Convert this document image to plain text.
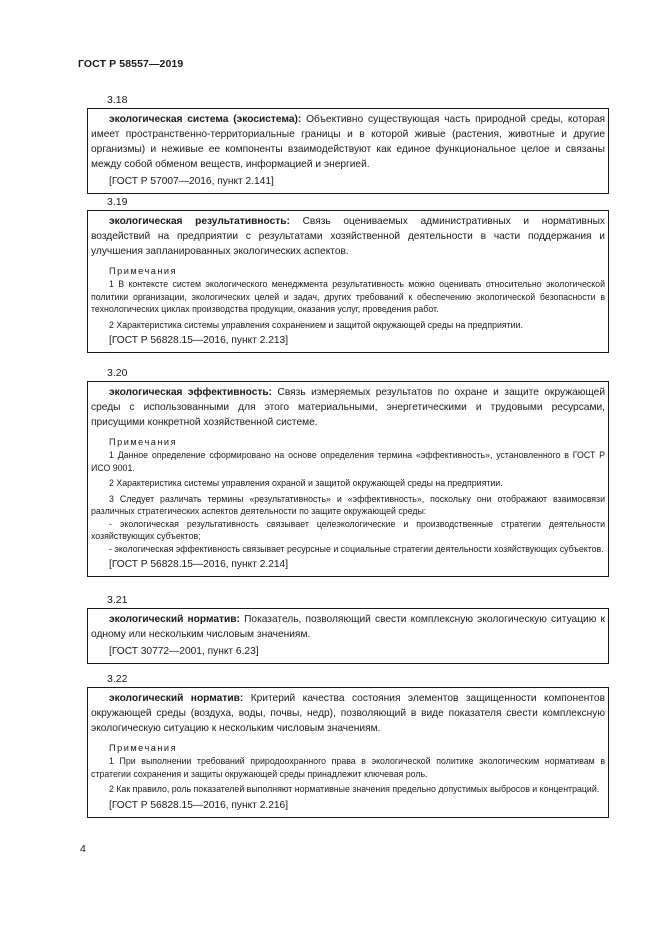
ГОСТ Р 58557—2019
3.18

экологическая система (экосистема): Объективно существующая часть природной среды, которая имеет пространственно-территориальные границы и в которой живые (растения, животные и другие организмы) и неживые ее компоненты взаимодействуют как единое функциональное целое и связаны между собой обменом веществ, информацией и энергией.

[ГОСТ Р 57007—2016, пункт 2.141]

3.19

экологическая результативность: Связь оцениваемых административных и нормативных воздействий на предприятии с результатами хозяйственной деятельности в части поддержания и улучшения запланированных экологических аспектов.

Примечания

1 В контексте систем экологического менеджмента результативность можно оценивать относительно экологической политики организации, экологических целей и задач, других требований к обеспечению экологической безопасности в технологических циклах производства продукции, оказания услуг, проведения работ.

2 Характеристика системы управления сохранением и защитой окружающей среды на предприятии.

[ГОСТ Р 56828.15—2016, пункт 2.213]

3.20

экологическая эффективность: Связь измеряемых результатов по охране и защите окружающей среды с использованными для этого материальными, энергетическими и трудовыми ресурсами, присущими конкретной хозяйственной системе.

Примечания

1 Данное определение сформировано на основе определения термина «эффективность», установленного в ГОСТ Р ИСО 9001.

2 Характеристика системы управления охраной и защитой окружающей среды на предприятии.

3 Следует различать термины «результативность» и «эффективность», поскольку они отображают взаимосвязи различных стратегических аспектов деятельности по защите окружающей среды:

- экологическая результативность связывает целеэкологические и производственные стратегии деятельности хозяйствующих субъектов;

- экологическая эффективность связывает ресурсные и социальные стратегии деятельности хозяйствующих субъектов.

[ГОСТ Р 56828.15—2016, пункт 2.214]

3.21

экологический норматив: Показатель, позволяющий свести комплексную экологическую ситуацию к одному или нескольким числовым значениям.

[ГОСТ 30772—2001, пункт 6.23]

3.22

экологический норматив: Критерий качества состояния элементов защищенности компонентов окружающей среды (воздуха, воды, почвы, недр), позволяющий в виде показателя свести комплексную экологическую ситуацию к нескольким числовым значениям.

Примечания

1 При выполнении требований природоохранного права в экологической политике экологическим нормативам в стратегии сохранения и защиты окружающей среды принадлежит ключевая роль.

2 Как правило, роль показателей выполняют нормативные значения предельно допустимых выбросов и концентраций.

[ГОСТ Р 56828.15—2016, пункт 2.216]

4
